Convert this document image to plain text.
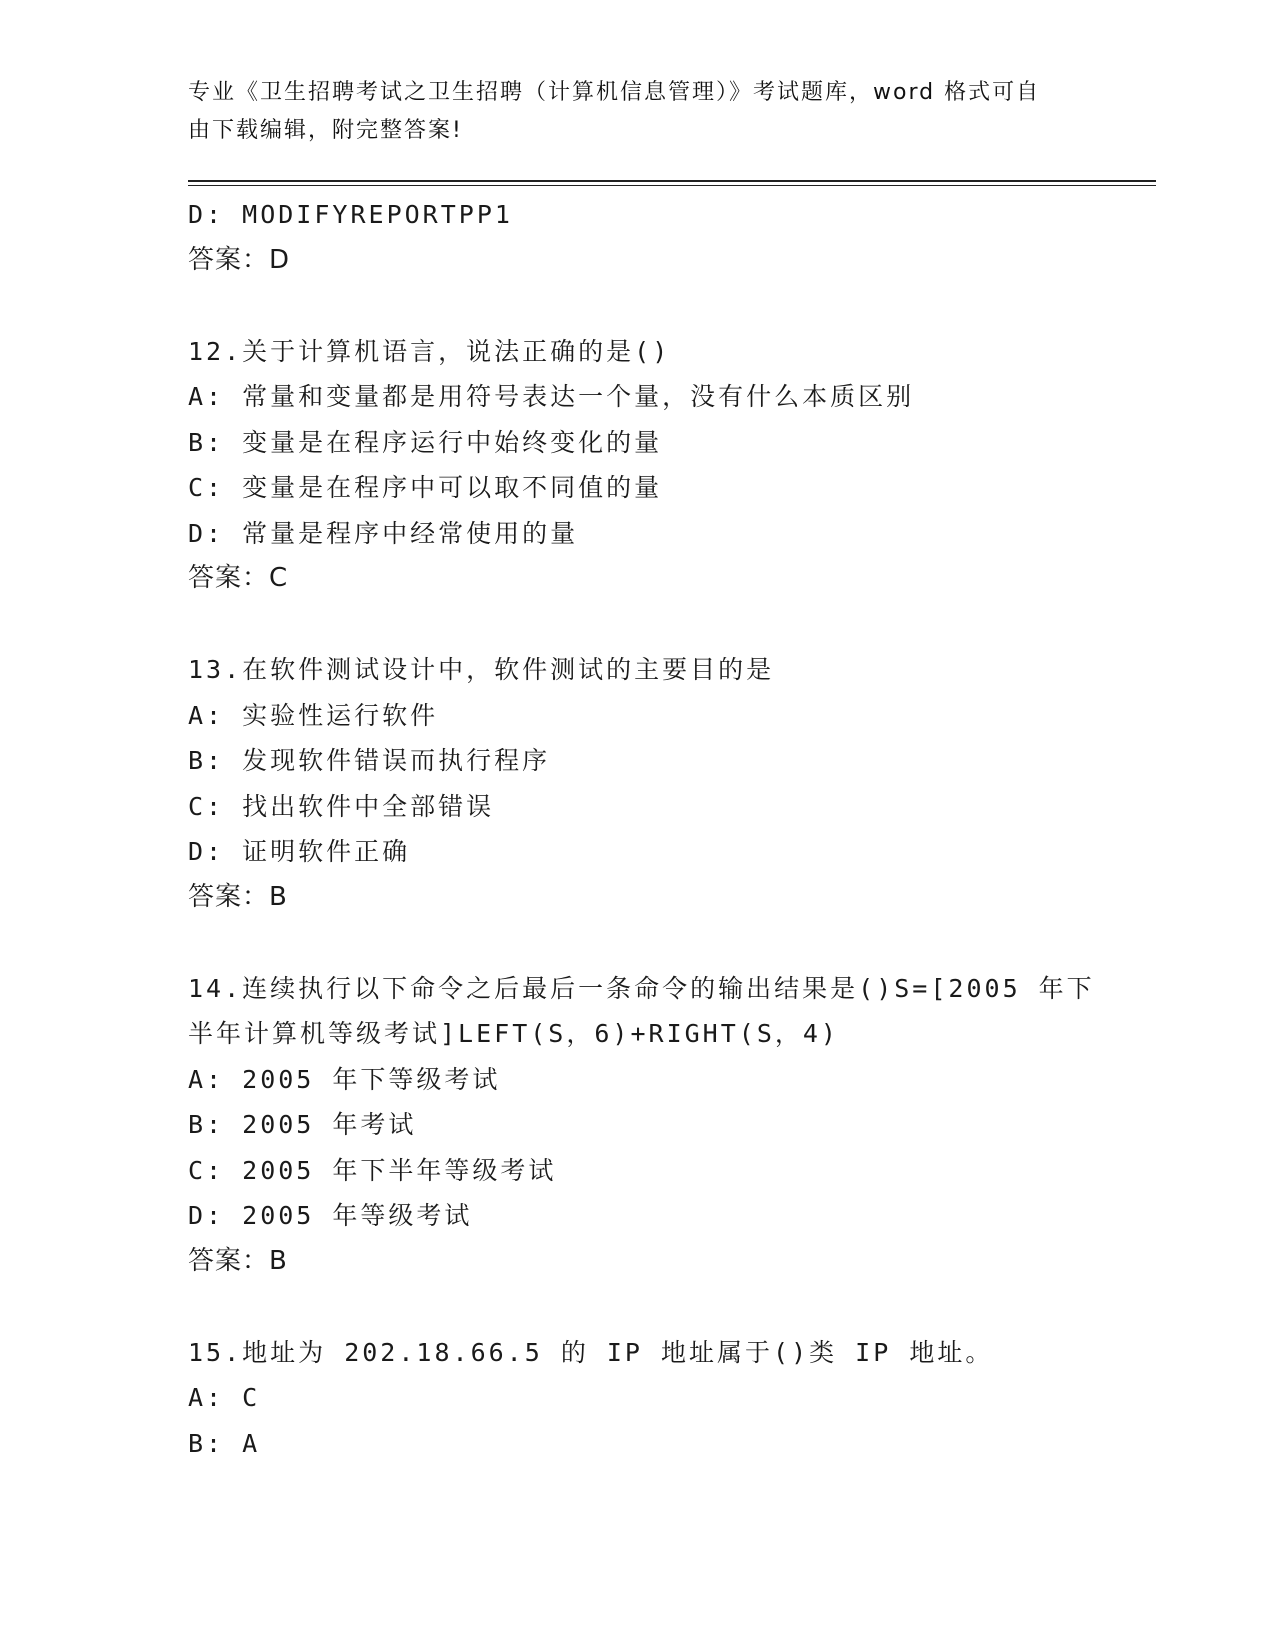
专业《卫生招聘考试之卫生招聘（计算机信息管理）》考试题库，word 格式可自
由下载编辑，附完整答案!
D: MODIFYREPORTPP1
答案：D
12.关于计算机语言，说法正确的是()
A: 常量和变量都是用符号表达一个量，没有什么本质区别
B: 变量是在程序运行中始终变化的量
C: 变量是在程序中可以取不同值的量
D: 常量是程序中经常使用的量
答案：C
13.在软件测试设计中，软件测试的主要目的是
A: 实验性运行软件
B: 发现软件错误而执行程序
C: 找出软件中全部错误
D: 证明软件正确
答案：B
14.连续执行以下命令之后最后一条命令的输出结果是()S=[2005 年下
半年计算机等级考试]LEFT(S，6)+RIGHT(S，4)
A: 2005 年下等级考试
B: 2005 年考试
C: 2005 年下半年等级考试
D: 2005 年等级考试
答案：B
15.地址为 202.18.66.5 的 IP 地址属于()类 IP 地址。
A: C
B: A
